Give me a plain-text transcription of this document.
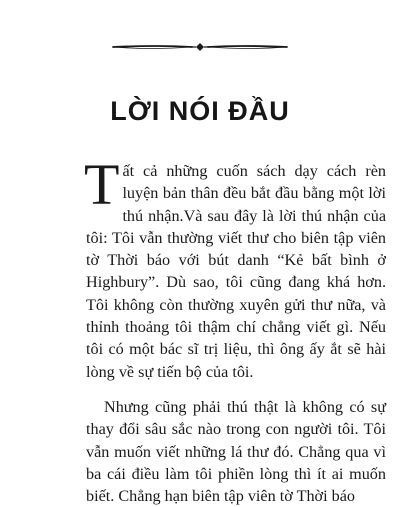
LỜI NÓI ĐẦU

Tất cả những cuốn sách dạy cách rèn luyện bản thân đều bắt đầu bằng một lời thú nhận.Và sau đây là lời thú nhận của tôi: Tôi vẫn thường viết thư cho biên tập viên tờ Thời báo với bút danh “Kẻ bất bình ở Highbury”. Dù sao, tôi cũng đang khá hơn. Tôi không còn thường xuyên gửi thư nữa, và thỉnh thoảng tôi thậm chí chẳng viết gì. Nếu tôi có một bác sĩ trị liệu, thì ông ấy ắt sẽ hài lòng về sự tiến bộ của tôi.

Nhưng cũng phải thú thật là không có sự thay đổi sâu sắc nào trong con người tôi. Tôi vẫn muốn viết những lá thư đó. Chẳng qua vì ba cái điều làm tôi phiền lòng thì ít ai muốn biết. Chẳng hạn biên tập viên tờ Thời báo
